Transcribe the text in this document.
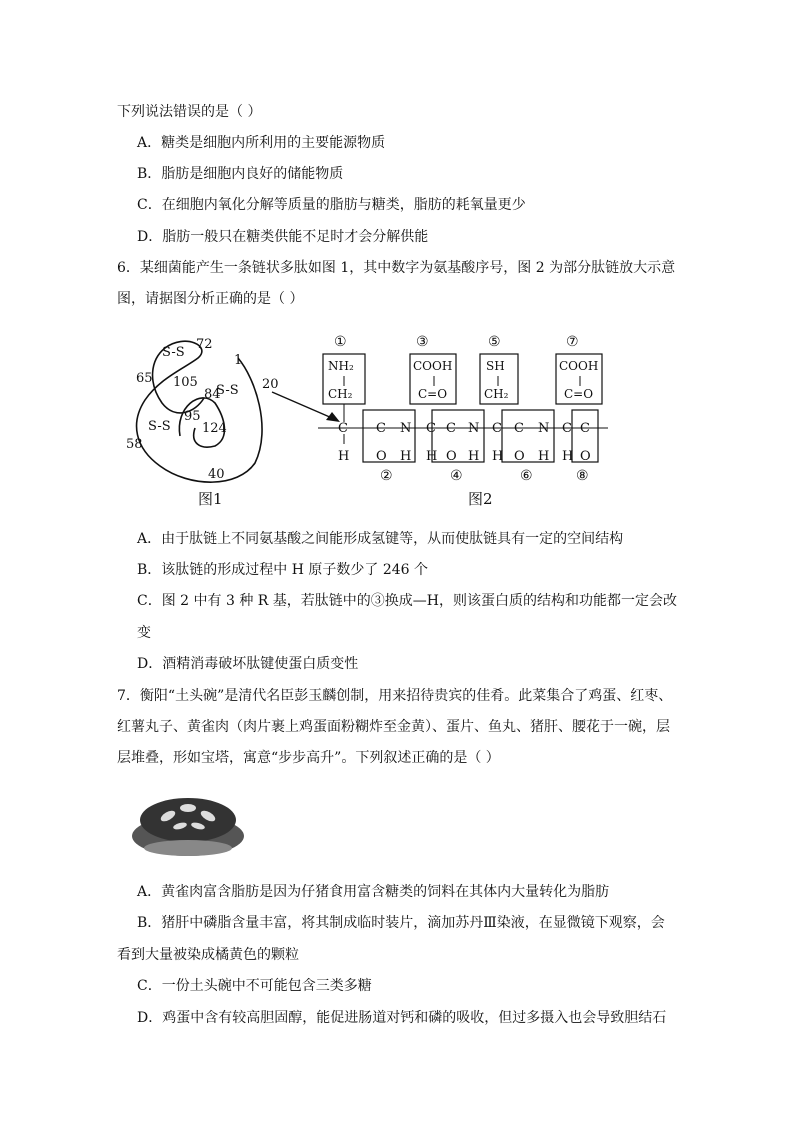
下列说法错误的是（ ）
A．糖类是细胞内所利用的主要能源物质
B．脂肪是细胞内良好的储能物质
C．在细胞内氧化分解等质量的脂肪与糖类，脂肪的耗氧量更少
D．脂肪一般只在糖类供能不足时才会分解供能
6．某细菌能产生一条链状多肽如图 1，其中数字为氨基酸序号，图 2 为部分肽链放大示意
图，请据图分析正确的是（ ）
72
1
65 105
84
20
95
124
58
40
S-S
S-S
S-S
①	③	⑤	⑦
NH₂
CH₂
COOH
C=O
SH
CH₂
COOH
C=O
C
H
C
O
N
H
C
H
C
O
N
H
C
H
C
O
N
H
C
H
C
O
②	④	⑥	⑧
图1	图2
A．由于肽链上不同氨基酸之间能形成氢键等，从而使肽链具有一定的空间结构
B．该肽链的形成过程中 H 原子数少了 246 个
C．图 2 中有 3 种 R 基，若肽链中的③换成—H，则该蛋白质的结构和功能都一定会改
变
D．酒精消毒破坏肽键使蛋白质变性
7．衡阳“土头碗”是清代名臣彭玉麟创制，用来招待贵宾的佳肴。此菜集合了鸡蛋、红枣、
红薯丸子、黄雀肉（肉片裹上鸡蛋面粉糊炸至金黄）、蛋片、鱼丸、猪肝、腰花于一碗，层
层堆叠，形如宝塔，寓意“步步高升”。下列叙述正确的是（ ）
A．黄雀肉富含脂肪是因为仔猪食用富含糖类的饲料在其体内大量转化为脂肪
B．猪肝中磷脂含量丰富，将其制成临时装片，滴加苏丹Ⅲ染液，在显微镜下观察，会
看到大量被染成橘黄色的颗粒
C．一份土头碗中不可能包含三类多糖
D．鸡蛋中含有较高胆固醇，能促进肠道对钙和磷的吸收，但过多摄入也会导致胆结石
